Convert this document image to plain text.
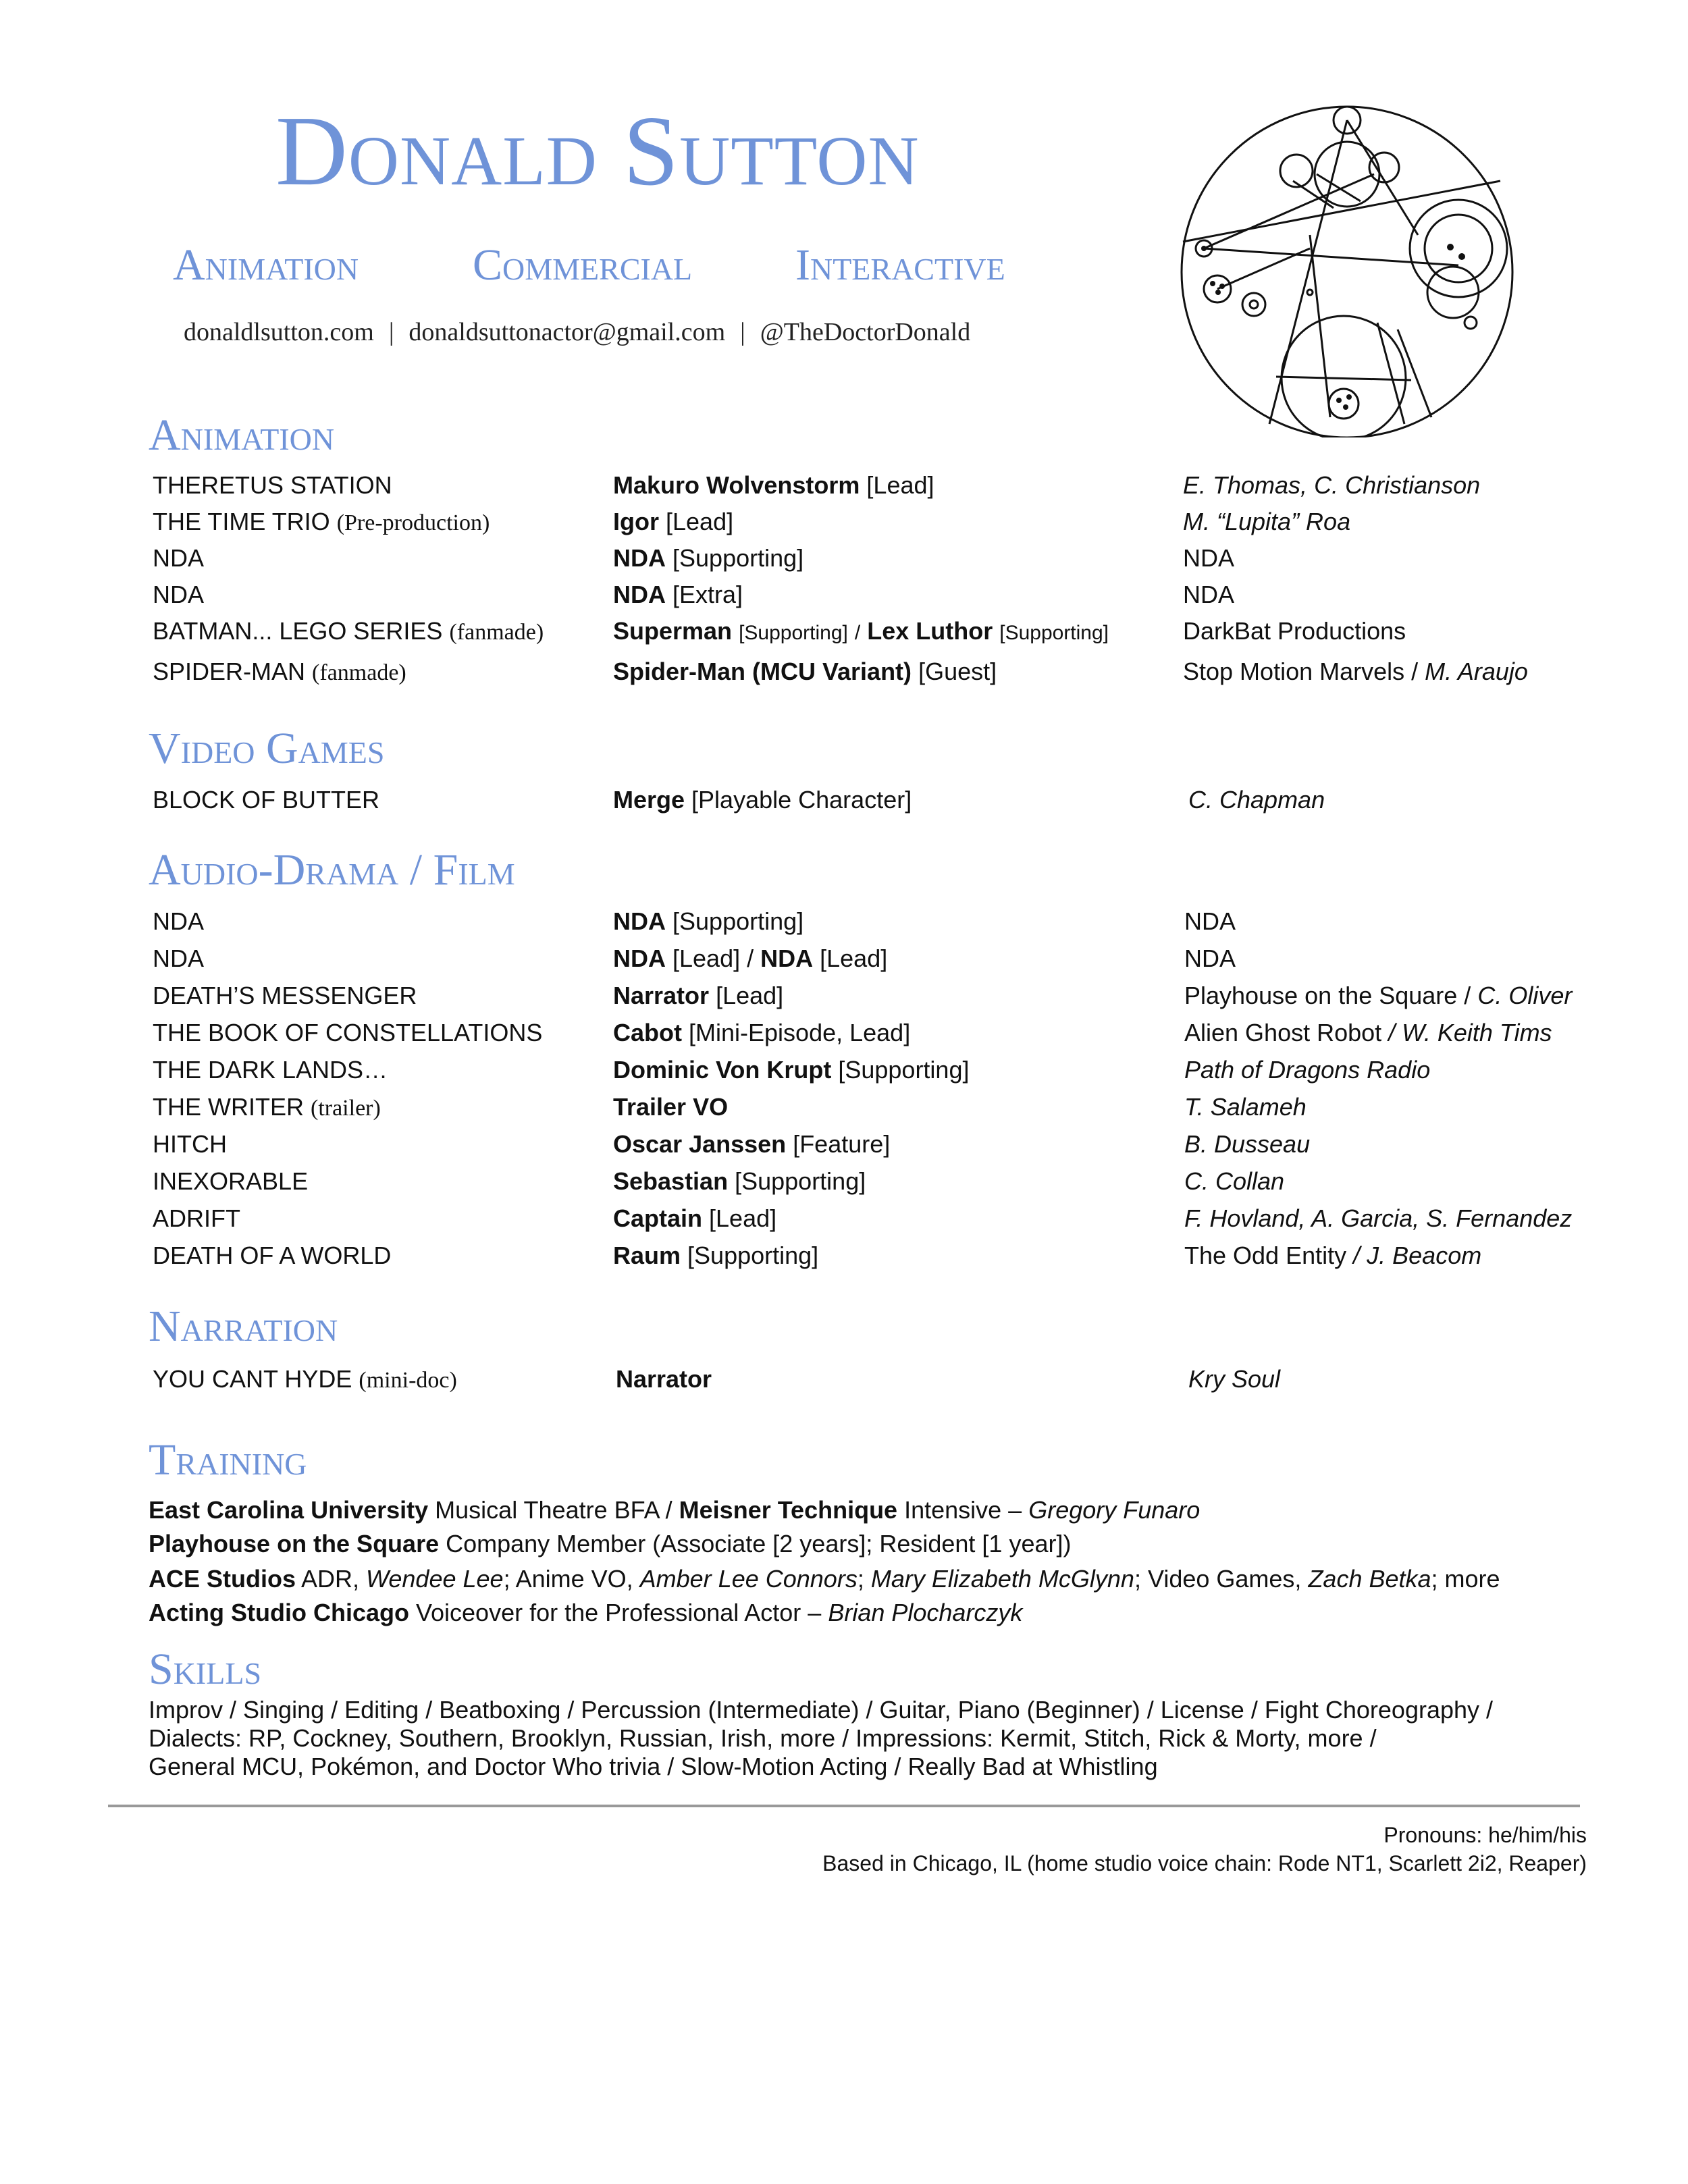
Donald Sutton
Animation	Commercial Interactive
donaldlsutton.com | donaldsuttonactor@gmail.com | @TheDoctorDonald
Animation
THERETUS STATION	Makuro Wolvenstorm [Lead]	E. Thomas, C. Christianson
THE TIME TRIO (Pre-production)	Igor [Lead]	M. “Lupita” Roa
NDA	NDA [Supporting]	NDA
NDA	NDA [Extra]	NDA
BATMAN... LEGO SERIES (fanmade)	Superman [Supporting] / Lex Luthor [Supporting]	DarkBat Productions
SPIDER-MAN (fanmade)	Spider-Man (MCU Variant) [Guest]	Stop Motion Marvels / M. Araujo
Video Games
BLOCK OF BUTTER	Merge [Playable Character]	C. Chapman
Audio-Drama / Film
NDA	NDA [Supporting]	NDA
NDA	NDA [Lead] / NDA [Lead]	NDA
DEATH’S MESSENGER	Narrator [Lead]	Playhouse on the Square / C. Oliver
THE BOOK OF CONSTELLATIONS	Cabot [Mini-Episode, Lead]	Alien Ghost Robot / W. Keith Tims
THE DARK LANDS…	Dominic Von Krupt [Supporting]	Path of Dragons Radio
THE WRITER (trailer)	Trailer VO	T. Salameh
HITCH	Oscar Janssen [Feature]	B. Dusseau
INEXORABLE	Sebastian [Supporting]	C. Collan
ADRIFT	Captain [Lead]	F. Hovland, A. Garcia, S. Fernandez
DEATH OF A WORLD	Raum [Supporting]	The Odd Entity / J. Beacom
Narration
YOU CANT HYDE (mini-doc)	Narrator	Kry Soul
Training
East Carolina University Musical Theatre BFA / Meisner Technique Intensive – Gregory Funaro
Playhouse on the Square Company Member (Associate [2 years]; Resident [1 year])
ACE Studios ADR, Wendee Lee; Anime VO, Amber Lee Connors; Mary Elizabeth McGlynn; Video Games, Zach Betka; more
Acting Studio Chicago Voiceover for the Professional Actor – Brian Plocharczyk
Skills
Improv / Singing / Editing / Beatboxing / Percussion (Intermediate) / Guitar, Piano (Beginner) / License / Fight Choreography /
Dialects: RP, Cockney, Southern, Brooklyn, Russian, Irish, more / Impressions: Kermit, Stitch, Rick & Morty, more /
General MCU, Pokémon, and Doctor Who trivia / Slow-Motion Acting / Really Bad at Whistling
Pronouns: he/him/his
Based in Chicago, IL (home studio voice chain: Rode NT1, Scarlett 2i2, Reaper)
